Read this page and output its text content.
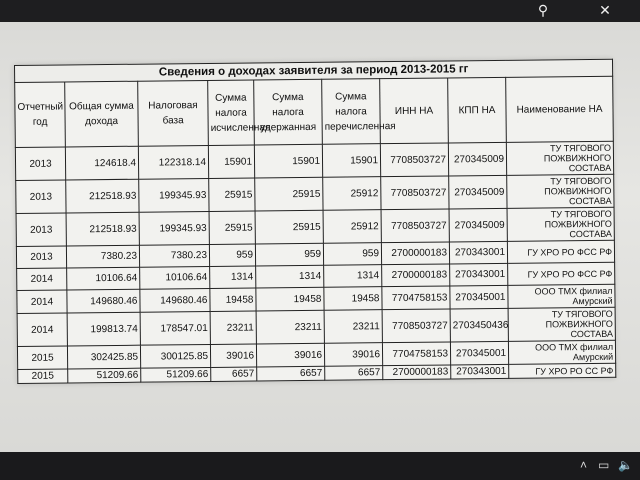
⚲	✕
Сведения о доходах заявителя за период 2013-2015 гг								
Отчетный год	Общая сумма дохода	Налоговая база	Сумма налога исчисленная	Сумма налога удержанная	Сумма налога перечисленная	ИНН НА	КПП НА	Наименование НА
2013	124618.4	122318.14	15901	15901	15901	7708503727	270345009	ТУ ТЯГОВОГО ПОЖВИЖНОГО СОСТАВА
2013	212518.93	199345.93	25915	25915	25912	7708503727	270345009	ТУ ТЯГОВОГО ПОЖВИЖНОГО СОСТАВА
2013	212518.93	199345.93	25915	25915	25912	7708503727	270345009	ТУ ТЯГОВОГО ПОЖВИЖНОГО СОСТАВА
2013	7380.23	7380.23	959	959	959	2700000183	270343001	ГУ ХРО РО ФСС РФ
2014	10106.64	10106.64	1314	1314	1314	2700000183	270343001	ГУ ХРО РО ФСС РФ
2014	149680.46	149680.46	19458	19458	19458	7704758153	270345001	ООО ТМХ филиал Амурский
2014	199813.74	178547.01	23211	23211	23211	7708503727	2703450436	ТУ ТЯГОВОГО ПОЖВИЖНОГО СОСТАВА
2015	302425.85	300125.85	39016	39016	39016	7704758153	270345001	ООО ТМХ филиал Амурский
2015	51209.66	51209.66	6657	6657	6657	2700000183	270343001	ГУ ХРО РО СС РФ
˄ ▭ 🔈
